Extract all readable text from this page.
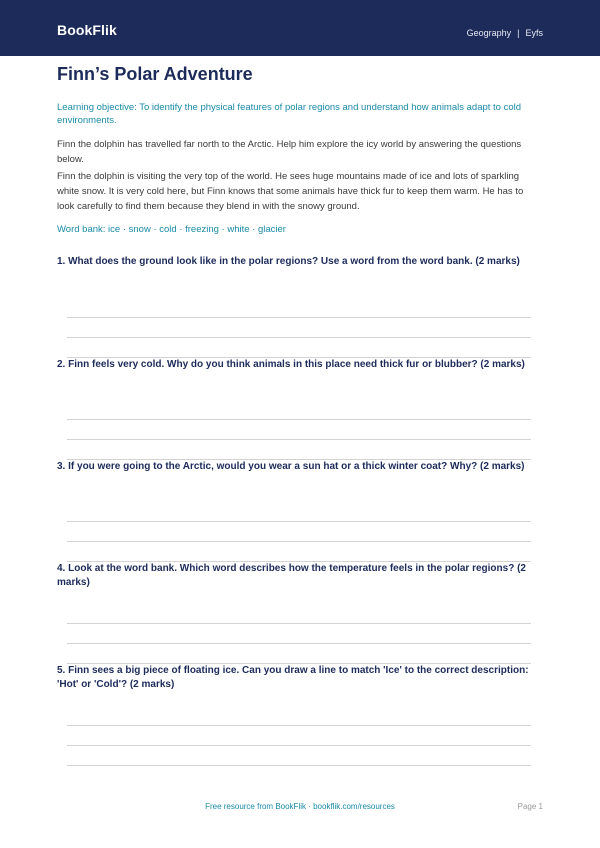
BookFlik	Geography | Eyfs
Finn’s Polar Adventure
Learning objective: To identify the physical features of polar regions and understand how animals adapt to cold environments.
Finn the dolphin has travelled far north to the Arctic. Help him explore the icy world by answering the questions below.
Finn the dolphin is visiting the very top of the world. He sees huge mountains made of ice and lots of sparkling white snow. It is very cold here, but Finn knows that some animals have thick fur to keep them warm. He has to look carefully to find them because they blend in with the snowy ground.
Word bank: ice · snow · cold · freezing · white · glacier
1. What does the ground look like in the polar regions? Use a word from the word bank. (2 marks)
2. Finn feels very cold. Why do you think animals in this place need thick fur or blubber? (2 marks)
3. If you were going to the Arctic, would you wear a sun hat or a thick winter coat? Why? (2 marks)
4. Look at the word bank. Which word describes how the temperature feels in the polar regions? (2 marks)
5. Finn sees a big piece of floating ice. Can you draw a line to match 'Ice' to the correct description: 'Hot' or 'Cold'? (2 marks)
Free resource from BookFlik · bookflik.com/resources	Page 1
